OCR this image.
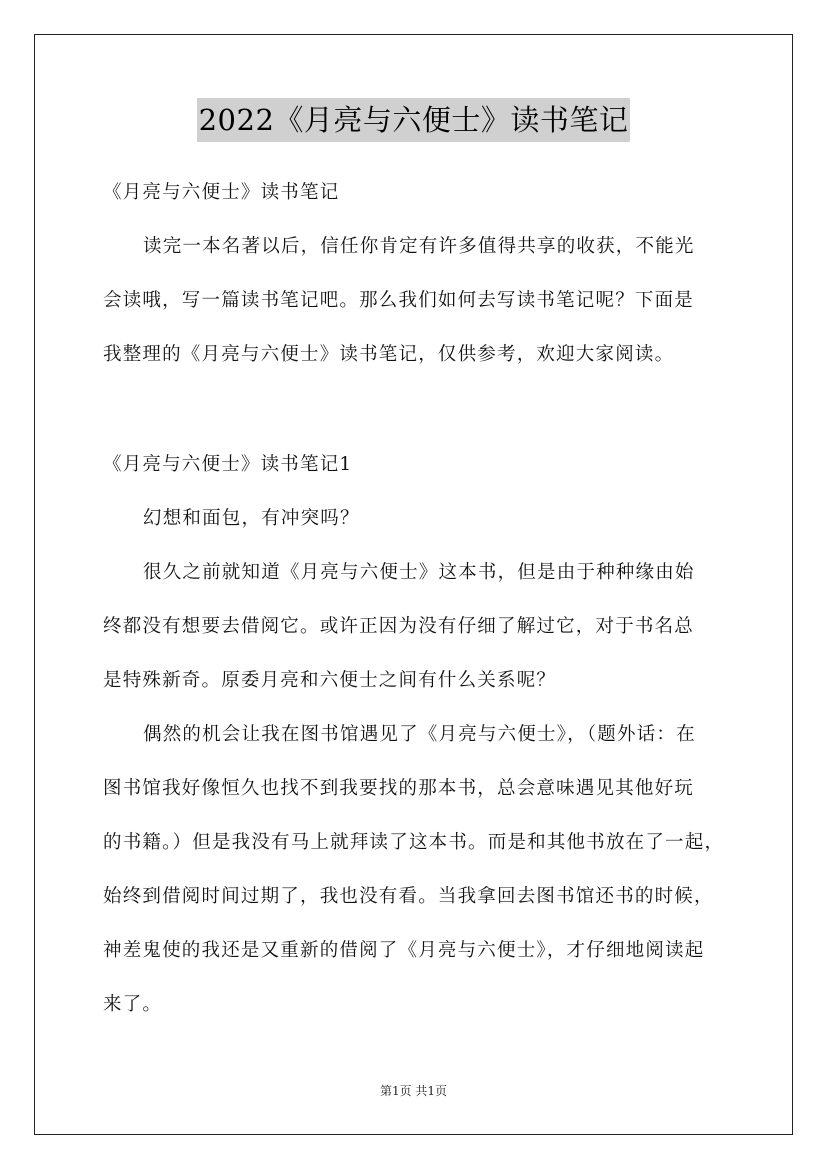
2022《月亮与六便士》读书笔记
《月亮与六便士》读书笔记
读完一本名著以后，信任你肯定有许多值得共享的收获，不能光
会读哦，写一篇读书笔记吧。那么我们如何去写读书笔记呢？下面是
我整理的《月亮与六便士》读书笔记，仅供参考，欢迎大家阅读。
《月亮与六便士》读书笔记1
幻想和面包，有冲突吗？
很久之前就知道《月亮与六便士》这本书，但是由于种种缘由始
终都没有想要去借阅它。或许正因为没有仔细了解过它，对于书名总
是特殊新奇。原委月亮和六便士之间有什么关系呢？
偶然的机会让我在图书馆遇见了《月亮与六便士》，（题外话：在
图书馆我好像恒久也找不到我要找的那本书，总会意味遇见其他好玩
的书籍。）但是我没有马上就拜读了这本书。而是和其他书放在了一起，
始终到借阅时间过期了，我也没有看。当我拿回去图书馆还书的时候，
神差鬼使的我还是又重新的借阅了《月亮与六便士》，才仔细地阅读起
来了。
第1页 共1页
